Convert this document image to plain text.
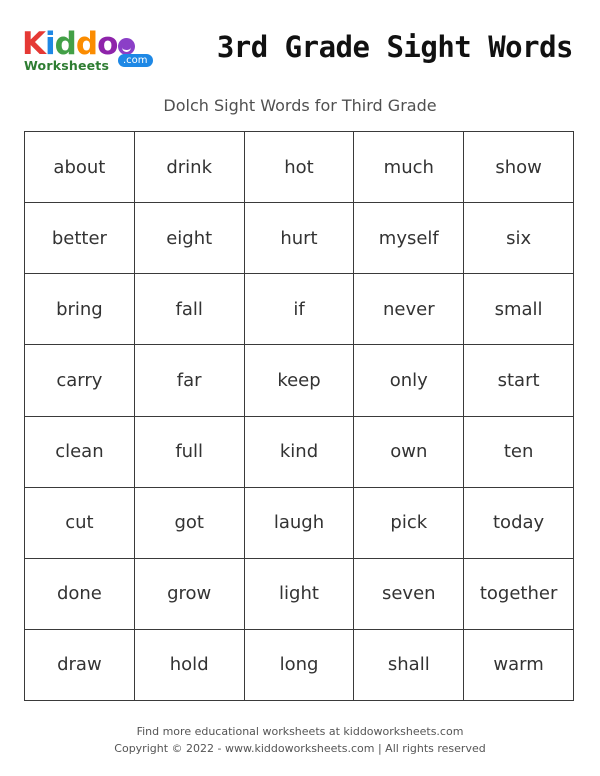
Kiddo
Worksheets	.com 3rd Grade Sight Words
Dolch Sight Words for Third Grade
about	drink	hot	much	show
better	eight	hurt	myself	six
bring	fall	if	never	small
carry	far	keep	only	start
clean	full	kind	own	ten
cut	got	laugh	pick	today
done	grow	light	seven	together
draw	hold	long	shall	warm
Find more educational worksheets at kiddoworksheets.com
Copyright © 2022 - www.kiddoworksheets.com | All rights reserved
